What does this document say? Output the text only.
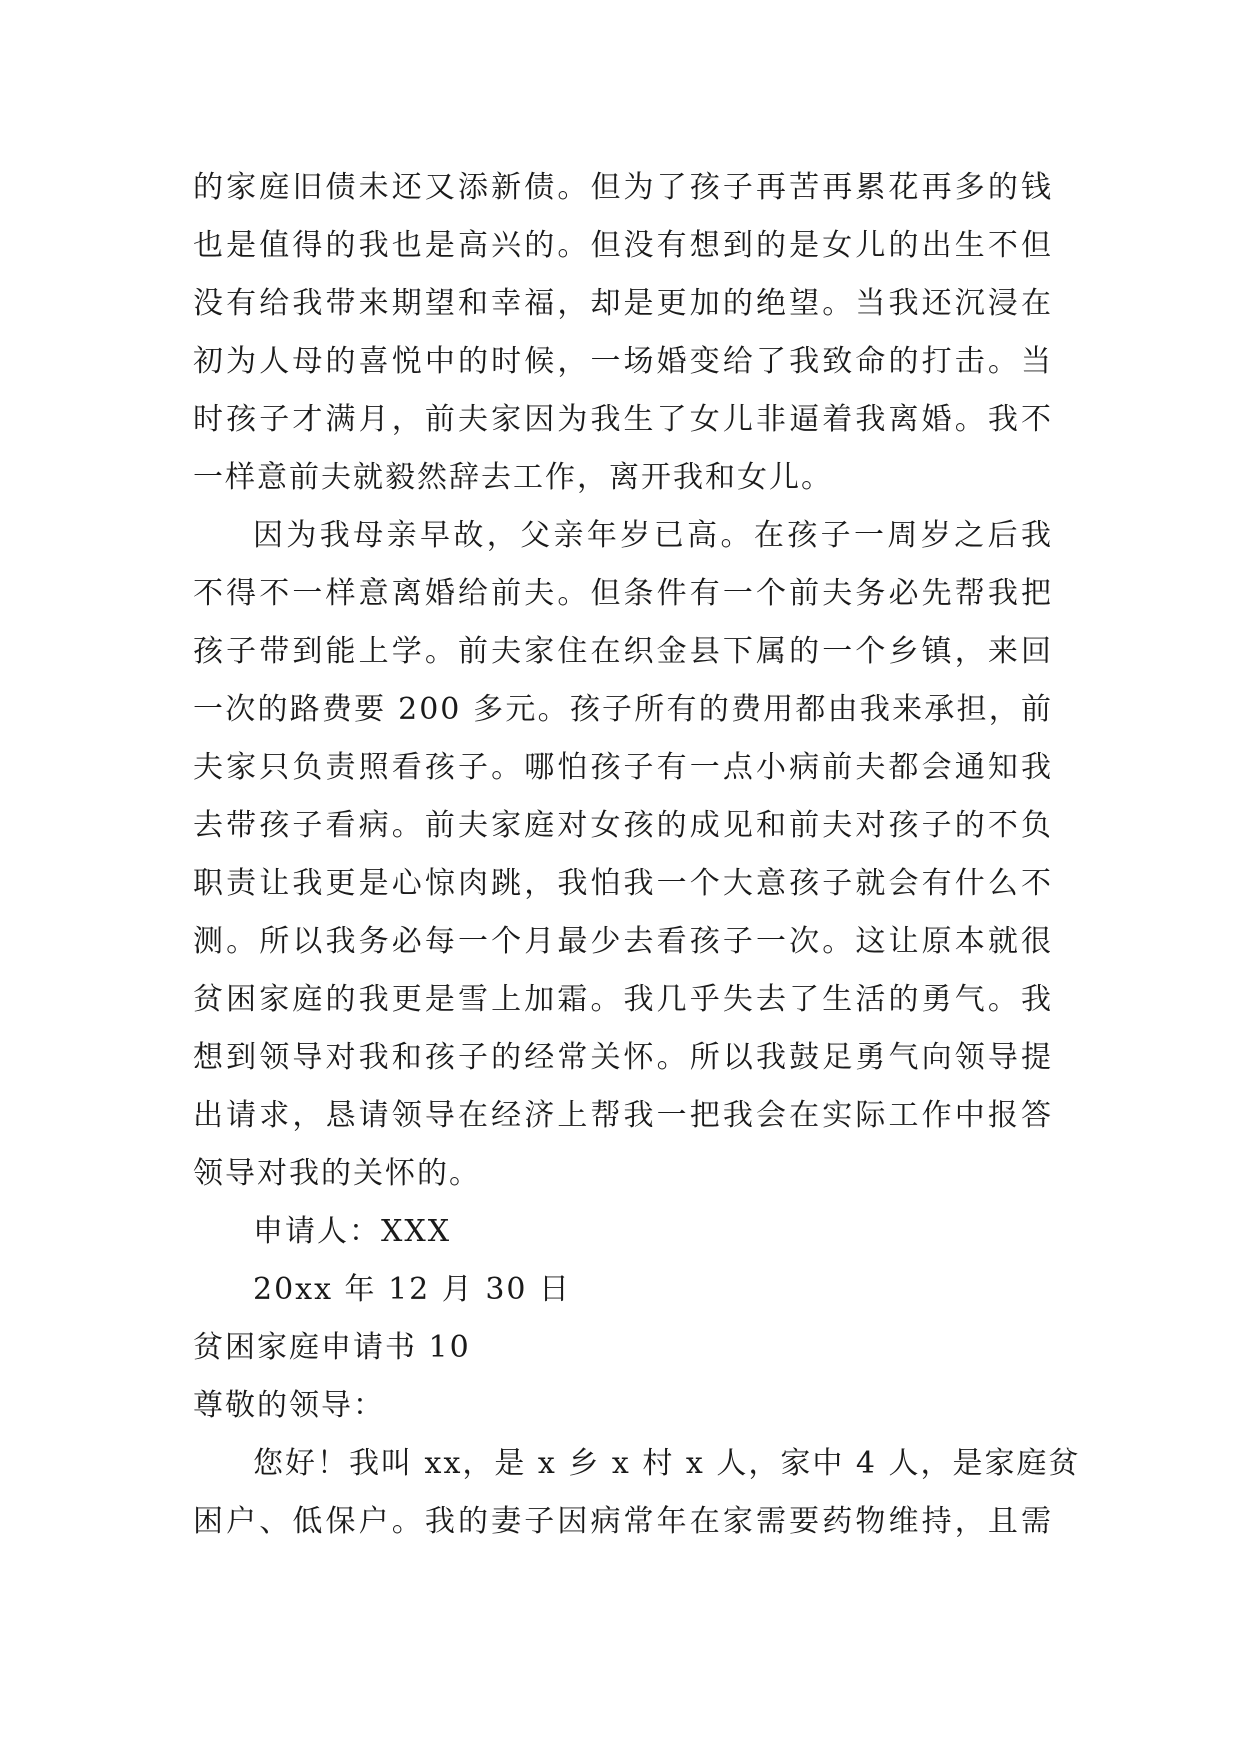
的家庭旧债未还又添新债。但为了孩子再苦再累花再多的钱
也是值得的我也是高兴的。但没有想到的是女儿的出生不但
没有给我带来期望和幸福，却是更加的绝望。当我还沉浸在
初为人母的喜悦中的时候，一场婚变给了我致命的打击。当
时孩子才满月，前夫家因为我生了女儿非逼着我离婚。我不
一样意前夫就毅然辞去工作，离开我和女儿。
因为我母亲早故，父亲年岁已高。在孩子一周岁之后我
不得不一样意离婚给前夫。但条件有一个前夫务必先帮我把
孩子带到能上学。前夫家住在织金县下属的一个乡镇，来回
一次的路费要 200 多元。孩子所有的费用都由我来承担，前
夫家只负责照看孩子。哪怕孩子有一点小病前夫都会通知我
去带孩子看病。前夫家庭对女孩的成见和前夫对孩子的不负
职责让我更是心惊肉跳，我怕我一个大意孩子就会有什么不
测。所以我务必每一个月最少去看孩子一次。这让原本就很
贫困家庭的我更是雪上加霜。我几乎失去了生活的勇气。我
想到领导对我和孩子的经常关怀。所以我鼓足勇气向领导提
出请求，恳请领导在经济上帮我一把我会在实际工作中报答
领导对我的关怀的。
申请人：XXX
20xx 年 12 月 30 日
贫困家庭申请书 10
尊敬的领导：
您好！我叫 xx，是 x 乡 x 村 x 人，家中 4 人，是家庭贫
困户、低保户。我的妻子因病常年在家需要药物维持，且需
